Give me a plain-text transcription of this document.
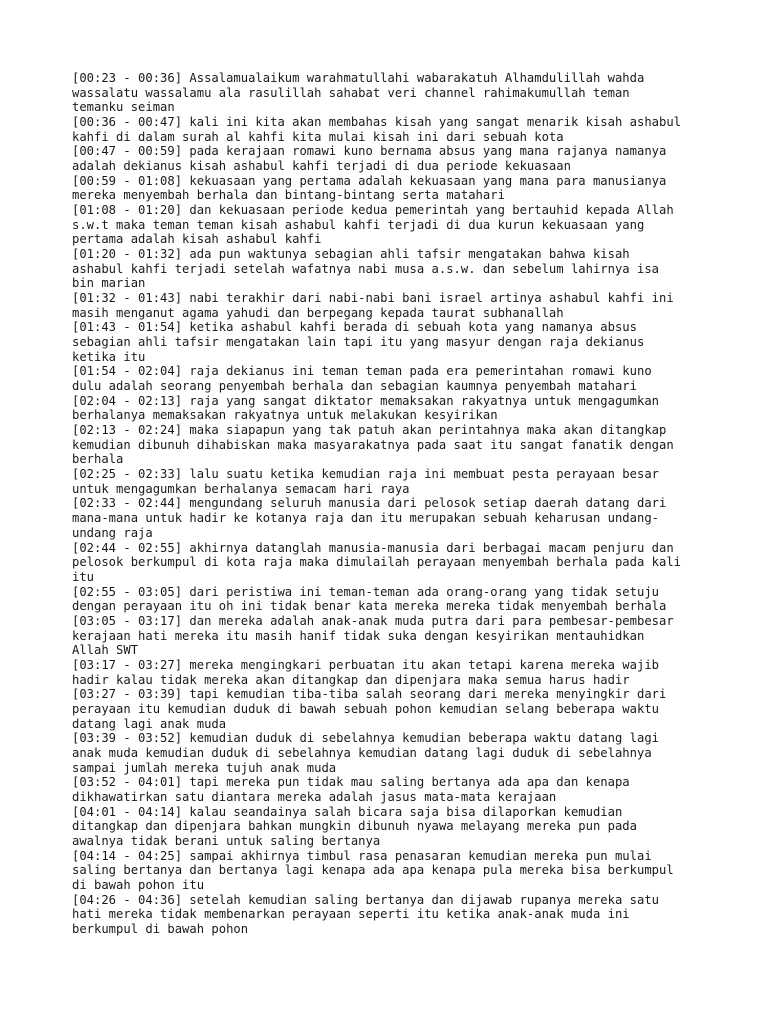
[00:23 - 00:36] Assalamualaikum warahmatullahi wabarakatuh Alhamdulillah wahda
wassalatu wassalamu ala rasulillah sahabat veri channel rahimakumullah teman
temanku seiman
[00:36 - 00:47] kali ini kita akan membahas kisah yang sangat menarik kisah ashabul
kahfi di dalam surah al kahfi kita mulai kisah ini dari sebuah kota
[00:47 - 00:59] pada kerajaan romawi kuno bernama absus yang mana rajanya namanya
adalah dekianus kisah ashabul kahfi terjadi di dua periode kekuasaan
[00:59 - 01:08] kekuasaan yang pertama adalah kekuasaan yang mana para manusianya
mereka menyembah berhala dan bintang-bintang serta matahari
[01:08 - 01:20] dan kekuasaan periode kedua pemerintah yang bertauhid kepada Allah
s.w.t maka teman teman kisah ashabul kahfi terjadi di dua kurun kekuasaan yang
pertama adalah kisah ashabul kahfi
[01:20 - 01:32] ada pun waktunya sebagian ahli tafsir mengatakan bahwa kisah
ashabul kahfi terjadi setelah wafatnya nabi musa a.s.w. dan sebelum lahirnya isa
bin marian
[01:32 - 01:43] nabi terakhir dari nabi-nabi bani israel artinya ashabul kahfi ini
masih menganut agama yahudi dan berpegang kepada taurat subhanallah
[01:43 - 01:54] ketika ashabul kahfi berada di sebuah kota yang namanya absus
sebagian ahli tafsir mengatakan lain tapi itu yang masyur dengan raja dekianus
ketika itu
[01:54 - 02:04] raja dekianus ini teman teman pada era pemerintahan romawi kuno
dulu adalah seorang penyembah berhala dan sebagian kaumnya penyembah matahari
[02:04 - 02:13] raja yang sangat diktator memaksakan rakyatnya untuk mengagumkan
berhalanya memaksakan rakyatnya untuk melakukan kesyirikan
[02:13 - 02:24] maka siapapun yang tak patuh akan perintahnya maka akan ditangkap
kemudian dibunuh dihabiskan maka masyarakatnya pada saat itu sangat fanatik dengan
berhala
[02:25 - 02:33] lalu suatu ketika kemudian raja ini membuat pesta perayaan besar
untuk mengagumkan berhalanya semacam hari raya
[02:33 - 02:44] mengundang seluruh manusia dari pelosok setiap daerah datang dari
mana-mana untuk hadir ke kotanya raja dan itu merupakan sebuah keharusan undang-
undang raja
[02:44 - 02:55] akhirnya datanglah manusia-manusia dari berbagai macam penjuru dan
pelosok berkumpul di kota raja maka dimulailah perayaan menyembah berhala pada kali
itu
[02:55 - 03:05] dari peristiwa ini teman-teman ada orang-orang yang tidak setuju
dengan perayaan itu oh ini tidak benar kata mereka mereka tidak menyembah berhala
[03:05 - 03:17] dan mereka adalah anak-anak muda putra dari para pembesar-pembesar
kerajaan hati mereka itu masih hanif tidak suka dengan kesyirikan mentauhidkan
Allah SWT
[03:17 - 03:27] mereka mengingkari perbuatan itu akan tetapi karena mereka wajib
hadir kalau tidak mereka akan ditangkap dan dipenjara maka semua harus hadir
[03:27 - 03:39] tapi kemudian tiba-tiba salah seorang dari mereka menyingkir dari
perayaan itu kemudian duduk di bawah sebuah pohon kemudian selang beberapa waktu
datang lagi anak muda
[03:39 - 03:52] kemudian duduk di sebelahnya kemudian beberapa waktu datang lagi
anak muda kemudian duduk di sebelahnya kemudian datang lagi duduk di sebelahnya
sampai jumlah mereka tujuh anak muda
[03:52 - 04:01] tapi mereka pun tidak mau saling bertanya ada apa dan kenapa
dikhawatirkan satu diantara mereka adalah jasus mata-mata kerajaan
[04:01 - 04:14] kalau seandainya salah bicara saja bisa dilaporkan kemudian
ditangkap dan dipenjara bahkan mungkin dibunuh nyawa melayang mereka pun pada
awalnya tidak berani untuk saling bertanya
[04:14 - 04:25] sampai akhirnya timbul rasa penasaran kemudian mereka pun mulai
saling bertanya dan bertanya lagi kenapa ada apa kenapa pula mereka bisa berkumpul
di bawah pohon itu
[04:26 - 04:36] setelah kemudian saling bertanya dan dijawab rupanya mereka satu
hati mereka tidak membenarkan perayaan seperti itu ketika anak-anak muda ini
berkumpul di bawah pohon
